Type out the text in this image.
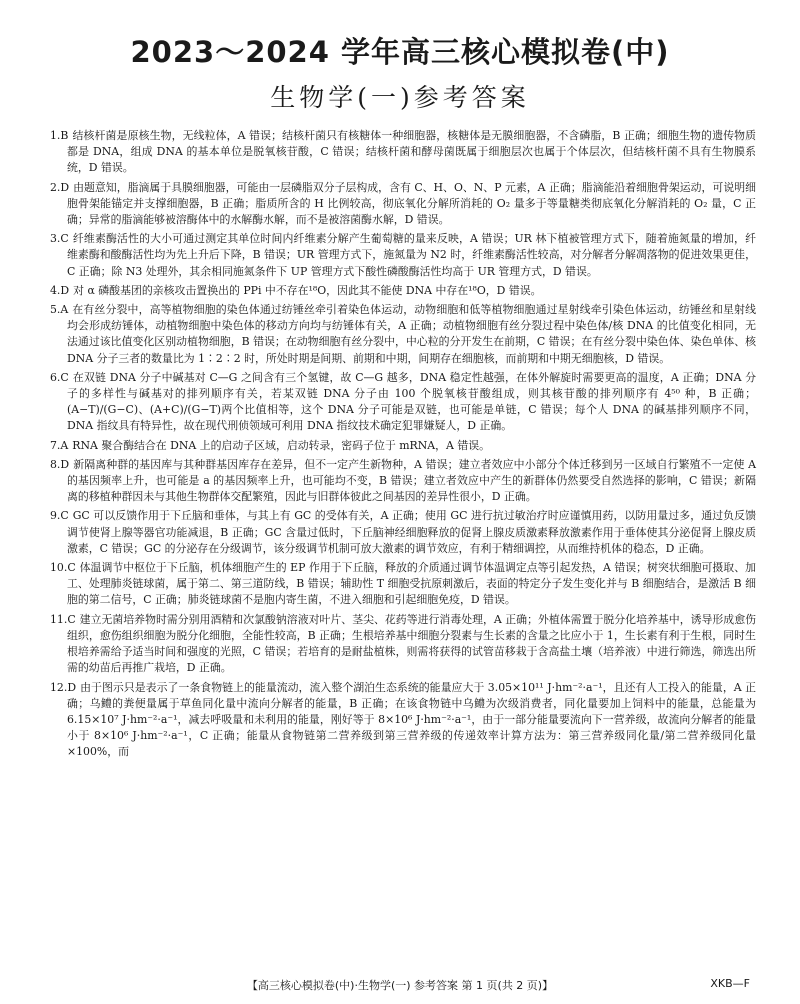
2023～2024 学年高三核心模拟卷(中)
生物学(一)参考答案

1.B 结核杆菌是原核生物，无线粒体，A 错误；结核杆菌只有核糖体一种细胞器，核糖体是无膜细胞器，不含磷脂，B 正确；细胞生物的遗传物质都是 DNA，组成 DNA 的基本单位是脱氧核苷酸，C 错误；结核杆菌和酵母菌既属于细胞层次也属于个体层次，但结核杆菌不具有生物膜系统，D 错误。

2.D 由题意知，脂滴属于具膜细胞器，可能由一层磷脂双分子层构成，含有 C、H、O、N、P 元素，A 正确；脂滴能沿着细胞骨架运动，可说明细胞骨架能锚定并支撑细胞器，B 正确；脂质所含的 H 比例较高，彻底氧化分解所消耗的 O₂ 量多于等量糖类彻底氧化分解消耗的 O₂ 量，C 正确；异常的脂滴能够被溶酶体中的水解酶水解，而不是被溶菌酶水解，D 错误。

3.C 纤维素酶活性的大小可通过测定其单位时间内纤维素分解产生葡萄糖的量来反映，A 错误；UR 林下植被管理方式下，随着施氮量的增加，纤维素酶和酸酶活性均为先上升后下降，B 错误；UR 管理方式下，施氮量为 N2 时，纤维素酶活性较高，对分解者分解凋落物的促进效果更佳，C 正确；除 N3 处理外，其余相同施氮条件下 UP 管理方式下酸性磷酸酶活性均高于 UR 管理方式，D 错误。

4.D 对 α 磷酸基团的亲核攻击置换出的 PPi 中不存在¹⁸O，因此其不能使 DNA 中存在¹⁸O，D 错误。

5.A 在有丝分裂中，高等植物细胞的染色体通过纺锤丝牵引着染色体运动，动物细胞和低等植物细胞通过星射线牵引染色体运动，纺锤丝和星射线均会形成纺锤体，动植物细胞中染色体的移动方向均与纺锤体有关，A 正确；动植物细胞有丝分裂过程中染色体/核 DNA 的比值变化相同，无法通过该比值变化区别动植物细胞，B 错误；在动物细胞有丝分裂中，中心粒的分开发生在前期，C 错误；在有丝分裂中染色体、染色单体、核 DNA 分子三者的数量比为 1∶2∶2 时，所处时期是间期、前期和中期，间期存在细胞核，而前期和中期无细胞核，D 错误。

6.C 在双链 DNA 分子中碱基对 C—G 之间含有三个氢键，故 C—G 越多，DNA 稳定性越强，在体外解旋时需要更高的温度，A 正确；DNA 分子的多样性与碱基对的排列顺序有关，若某双链 DNA 分子由 100 个脱氧核苷酸组成，则其核苷酸的排列顺序有 4⁵⁰ 种，B 正确；(A−T)/(G−C)、(A+C)/(G−T)两个比值相等，这个 DNA 分子可能是双链，也可能是单链，C 错误；每个人 DNA 的碱基排列顺序不同，DNA 指纹具有特异性，故在现代刑侦领域可利用 DNA 指纹技术确定犯罪嫌疑人，D 正确。

7.A RNA 聚合酶结合在 DNA 上的启动子区域，启动转录，密码子位于 mRNA，A 错误。

8.D 新隔离种群的基因库与其种群基因库存在差异，但不一定产生新物种，A 错误；建立者效应中小部分个体迁移到另一区域自行繁殖不一定使 A 的基因频率上升，也可能是 a 的基因频率上升，也可能均不变，B 错误；建立者效应中产生的新群体仍然要受自然选择的影响，C 错误；新隔离的移植种群因未与其他生物群体交配繁殖，因此与旧群体彼此之间基因的差异性很小，D 正确。

9.C GC 可以反馈作用于下丘脑和垂体，与其上有 GC 的受体有关，A 正确；使用 GC 进行抗过敏治疗时应谨慎用药，以防用量过多，通过负反馈调节使肾上腺等器官功能减退，B 正确；GC 含量过低时，下丘脑神经细胞释放的促肾上腺皮质激素释放激素作用于垂体使其分泌促肾上腺皮质激素，C 错误；GC 的分泌存在分级调节，该分级调节机制可放大激素的调节效应，有利于精细调控，从而维持机体的稳态，D 正确。

10.C 体温调节中枢位于下丘脑，机体细胞产生的 EP 作用于下丘脑，释放的介质通过调节体温调定点等引起发热，A 错误；树突状细胞可摄取、加工、处理肺炎链球菌，属于第二、第三道防线，B 错误；辅助性 T 细胞受抗原刺激后，表面的特定分子发生变化并与 B 细胞结合，是激活 B 细胞的第二信号，C 正确；肺炎链球菌不是胞内寄生菌，不进入细胞和引起细胞免疫，D 错误。

11.C 建立无菌培养物时需分别用酒精和次氯酸钠溶液对叶片、茎尖、花药等进行消毒处理，A 正确；外植体需置于脱分化培养基中，诱导形成愈伤组织，愈伤组织细胞为脱分化细胞，全能性较高，B 正确；生根培养基中细胞分裂素与生长素的含量之比应小于 1，生长素有利于生根，同时生根培养需给予适当时间和强度的光照，C 错误；若培育的是耐盐植株，则需将获得的试管苗移栽于含高盐土壤（培养液）中进行筛选，筛选出所需的幼苗后再推广栽培，D 正确。

12.D 由于图示只是表示了一条食物链上的能量流动，流入整个湖泊生态系统的能量应大于 3.05×10¹¹ J·hm⁻²·a⁻¹，且还有人工投入的能量，A 正确；乌鳢的粪便量属于草鱼同化量中流向分解者的能量，B 正确；在该食物链中乌鳢为次级消费者，同化量要加上饲料中的能量，总能量为 6.15×10⁷ J·hm⁻²·a⁻¹，减去呼吸量和未利用的能量，刚好等于 8×10⁶ J·hm⁻²·a⁻¹，由于一部分能量要流向下一营养级，故流向分解者的能量小于 8×10⁶ J·hm⁻²·a⁻¹，C 正确；能量从食物链第二营养级到第三营养级的传递效率计算方法为：第三营养级同化量/第二营养级同化量×100%，而

【高三核心模拟卷(中)·生物学(一) 参考答案 第 1 页(共 2 页)】	XKB—F
